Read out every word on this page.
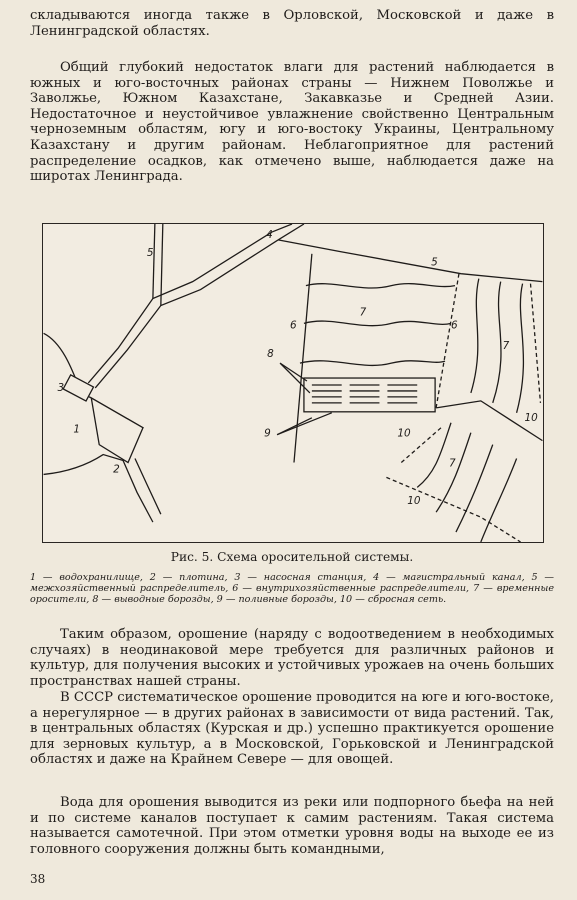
складываются иногда также в Орловской, Московской и даже в Ленинградской областях.

Общий глубокий недостаток влаги для растений наблюдается в южных и юго-восточных районах страны — Нижнем Поволжье и Заволжье, Южном Казахстане, Закавказье и Средней Азии. Недостаточное и неустойчивое увлажнение свойственно Центральным черноземным областям, югу и юго-востоку Украины, Центральному Казахстану и другим районам. Неблагоприятное для растений распределение осадков, как отмечено выше, наблюдается даже на широтах Ленинграда.

1
2
3
4
5
5
6	6
7
7
7
8
9	10
10
10
Рис. 5. Схема оросительной системы.
1 — водохранилище, 2 — плотина, 3 — насосная станция, 4 — магистральный канал, 5 — межхозяйственный распределитель, 6 — внутрихозяйственные распределители, 7 — временные оросители, 8 — выводные борозды, 9 — поливные борозды, 10 — сбросная сеть.

Таким образом, орошение (наряду с водоотведением в необходимых случаях) в неодинаковой мере требуется для различных районов и культур, для получения высоких и устойчивых урожаев на очень больших пространствах нашей страны.

В СССР систематическое орошение проводится на юге и юго-востоке, а нерегулярное — в других районах в зависимости от вида растений. Так, в центральных областях (Курская и др.) успешно практикуется орошение для зерновых культур, а в Московской, Горьковской и Ленинградской областях и даже на Крайнем Севере — для овощей.

Вода для орошения выводится из реки или подпорного бьефа на ней и по системе каналов поступает к самим растениям. Такая система называется самотечной. При этом отметки уровня воды на выходе ее из головного сооружения должны быть командными,

38
